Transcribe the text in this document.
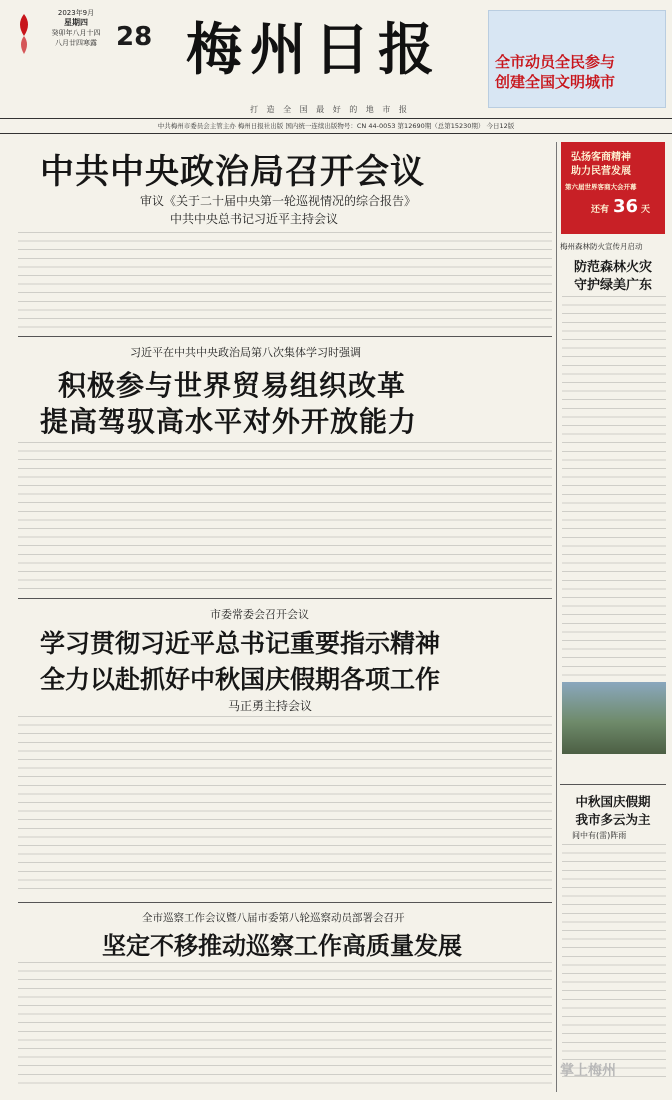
2023年9月
星期四
癸卯年八月十四
八月廿四寒露 28 梅州日报
打 造 全 国 最 好 的 地 市 报
全市动员全民参与
创建全国文明城市
中共梅州市委员会主管主办 梅州日报社出版 国内统一连续出版物号：CN 44-0053 第12690期（总第15230期） 今日12版
中共中央政治局召开会议
审议《关于二十届中央第一轮巡视情况的综合报告》
中共中央总书记习近平主持会议
习近平在中共中央政治局第八次集体学习时强调
积极参与世界贸易组织改革
提高驾驭高水平对外开放能力
市委常委会召开会议
学习贯彻习近平总书记重要指示精神
全力以赴抓好中秋国庆假期各项工作
马正勇主持会议
全市巡察工作会议暨八届市委第八轮巡察动员部署会召开
坚定不移推动巡察工作高质量发展
弘扬客商精神
助力民营发展
第六届世界客商大会开幕
还有 36 天
梅州森林防火宣传月启动
防范森林火灾
守护绿美广东
中秋国庆假期
我市多云为主
间中有(雷)阵雨
掌上梅州
